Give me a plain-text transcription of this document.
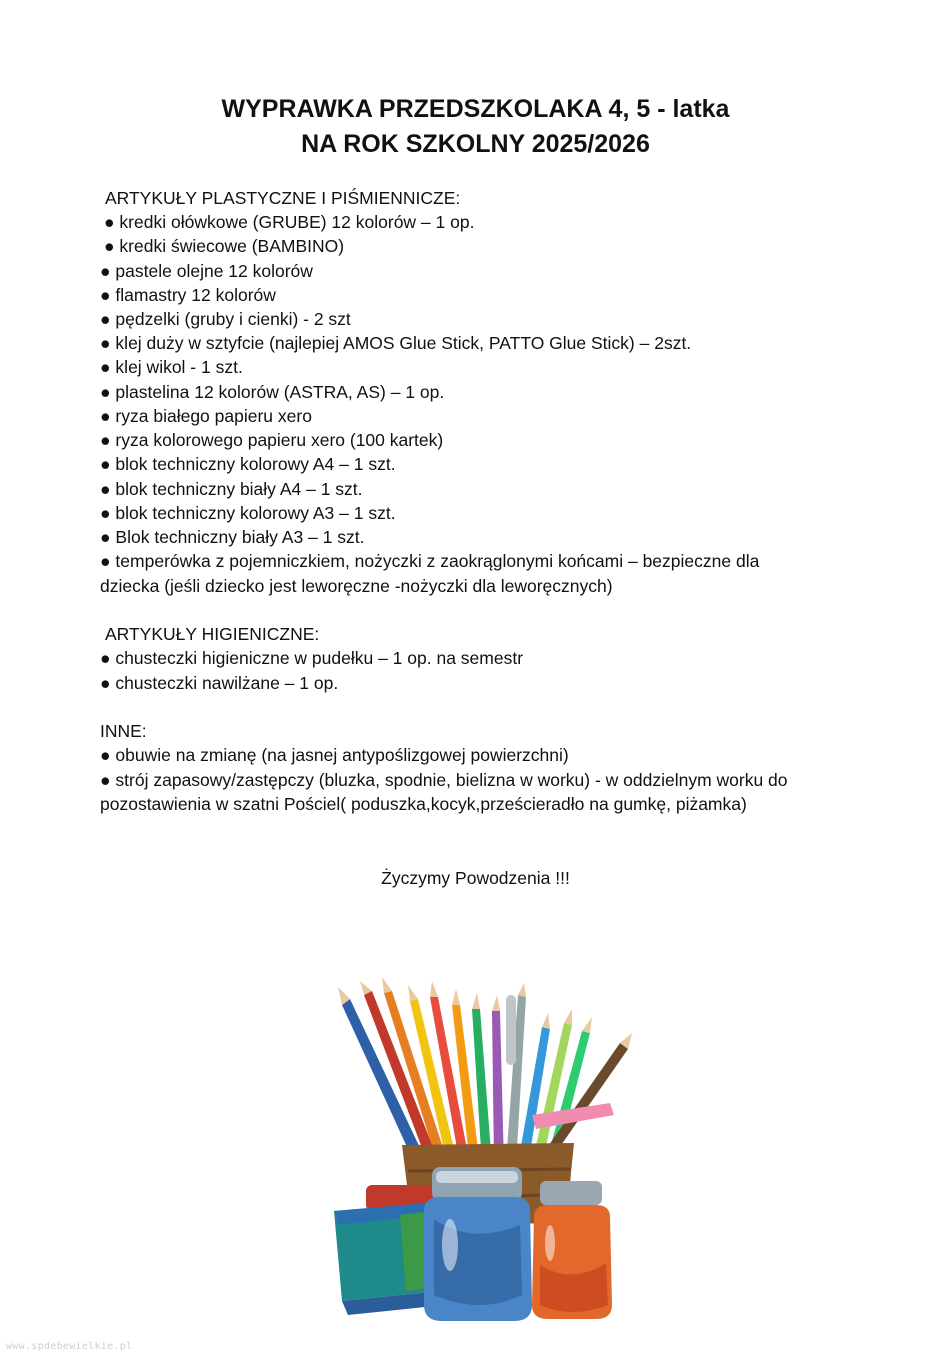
WYPRAWKA PRZEDSZKOLAKA 4, 5 - latka
NA ROK SZKOLNY 2025/2026
ARTYKUŁY PLASTYCZNE I PIŚMIENNICZE:
● kredki ołówkowe (GRUBE) 12 kolorów – 1 op.
● kredki świecowe (BAMBINO)
● pastele olejne 12 kolorów
● flamastry 12 kolorów
● pędzelki (gruby i cienki) - 2 szt
● klej duży w sztyfcie (najlepiej AMOS Glue Stick, PATTO Glue Stick) – 2szt.
● klej wikol - 1 szt.
● plastelina 12 kolorów (ASTRA, AS) – 1 op.
● ryza białego papieru xero
● ryza kolorowego papieru xero (100 kartek)
● blok techniczny kolorowy A4 – 1 szt.
● blok techniczny biały A4 – 1 szt.
● blok techniczny kolorowy A3 – 1 szt.
● Blok techniczny biały A3 – 1 szt.
● temperówka z pojemniczkiem, nożyczki z zaokrąglonymi końcami – bezpieczne dla
dziecka (jeśli dziecko jest leworęczne -nożyczki dla leworęcznych)
ARTYKUŁY HIGIENICZNE:
● chusteczki higieniczne w pudełku – 1 op. na semestr
● chusteczki nawilżane – 1 op.
INNE:
● obuwie na zmianę (na jasnej antypoślizgowej powierzchni)
● strój zapasowy/zastępczy (bluzka, spodnie, bielizna w worku) - w oddzielnym worku do
pozostawienia w szatni Pościel( poduszka,kocyk,prześcieradło na gumkę, piżamka)
Życzymy Powodzenia !!!
www.spdebewielkie.pl
